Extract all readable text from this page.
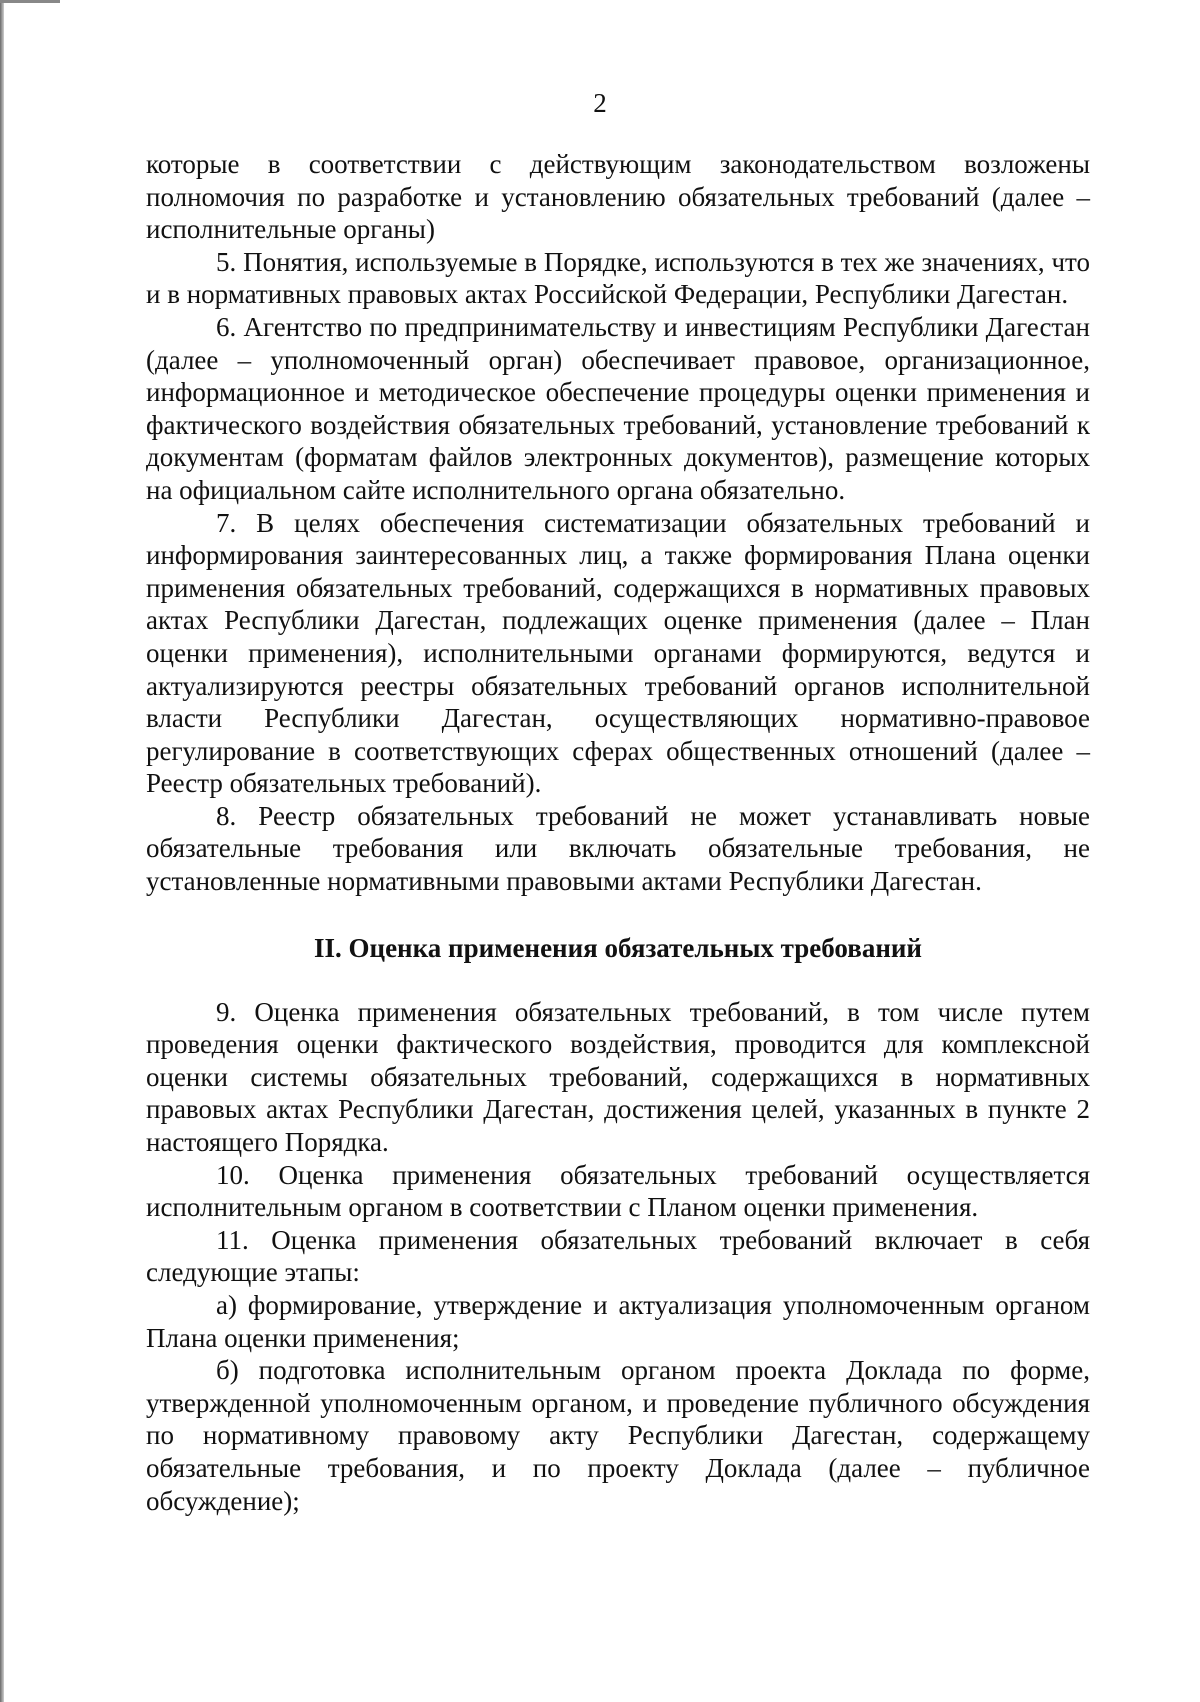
2

которые в соответствии с действующим законодательством возложены полномочия по разработке и установлению обязательных требований (далее – исполнительные органы)

5. Понятия, используемые в Порядке, используются в тех же значениях, что и в нормативных правовых актах Российской Федерации, Республики Дагестан.

6. Агентство по предпринимательству и инвестициям Республики Дагестан (далее – уполномоченный орган) обеспечивает правовое, организационное, информационное и методическое обеспечение процедуры оценки применения и фактического воздействия обязательных требований, установление требований к документам (форматам файлов электронных документов), размещение которых на официальном сайте исполнительного органа обязательно.

7. В целях обеспечения систематизации обязательных требований и информирования заинтересованных лиц, а также формирования Плана оценки применения обязательных требований, содержащихся в нормативных правовых актах Республики Дагестан, подлежащих оценке применения (далее – План оценки применения), исполнительными органами формируются, ведутся и актуализируются реестры обязательных требований органов исполнительной власти Республики Дагестан, осуществляющих нормативно-правовое регулирование в соответствующих сферах общественных отношений (далее – Реестр обязательных требований).

8. Реестр обязательных требований не может устанавливать новые обязательные требования или включать обязательные требования, не установленные нормативными правовыми актами Республики Дагестан.

II. Оценка применения обязательных требований

9. Оценка применения обязательных требований, в том числе путем проведения оценки фактического воздействия, проводится для комплексной оценки системы обязательных требований, содержащихся в нормативных правовых актах Республики Дагестан, достижения целей, указанных в пункте 2 настоящего Порядка.

10. Оценка применения обязательных требований осуществляется исполнительным органом в соответствии с Планом оценки применения.

11. Оценка применения обязательных требований включает в себя следующие этапы:

а) формирование, утверждение и актуализация уполномоченным органом Плана оценки применения;

б) подготовка исполнительным органом проекта Доклада по форме, утвержденной уполномоченным органом, и проведение публичного обсуждения по нормативному правовому акту Республики Дагестан, содержащему обязательные требования, и по проекту Доклада (далее – публичное обсуждение);
